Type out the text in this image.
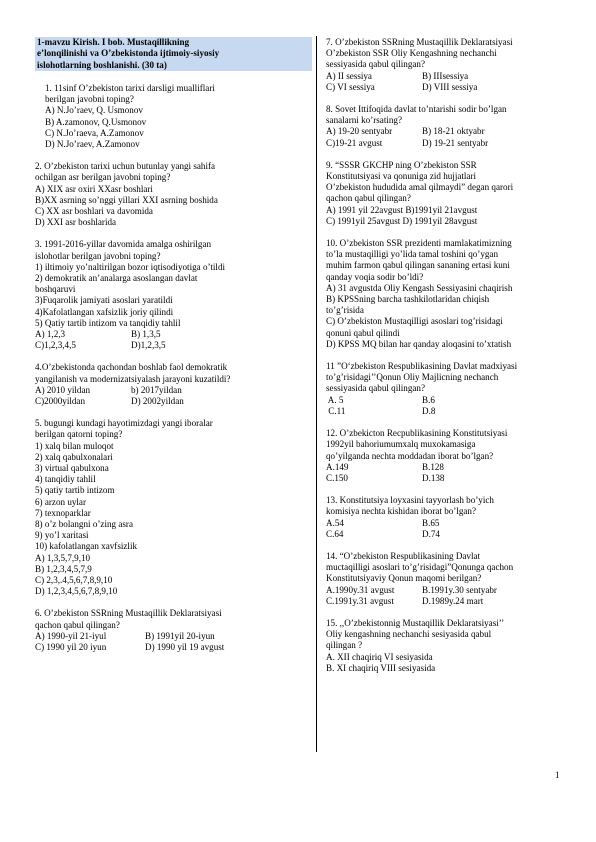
1-mavzu Kirish. I bob. Mustaqillikning
e’lonqilinishi va O’zbekistonda ijtimoiy-siyosiy
islohotlarning boshlanishi. (30 ta)
1. 11sinf O’zbekiston tarixi darsligi mualliflari
berilgan javobni toping?
A) N.Jo’raev, Q. Usmonov
B) A.zamonov, Q.Usmonov
C) N.Jo’raeva, A.Zamonov
D) N.Jo’raev, A.Zamonov
2. O’zbekiston tarixi uchun butunlay yangi sahifa
ochilgan asr berilgan javobni toping?
A) XIX asr oxiri XXasr boshlari
B)XX asrning so’nggi yillari XXI asrning boshida
C) XX asr boshlari va davomida
D) XXI asr boshlarida
3. 1991-2016-yillar davomida amalga oshirilgan
islohotlar berilgan javobni toping?
1) iltimoiy yo’naltirilgan bozor iqtisodiyotiga o’tildi
2) demokratik an’analarga asoslangan davlat
boshqaruvi
3)Fuqarolik jamiyati asoslari yaratildi
4)Kafolatlangan xafsizlik joriy qilindi
5) Qatiy tartib intizom va tanqidiy tahlil
A) 1,2,3	B) 1,3,5
C)1,2,3,4,5	D)1,2,3,5
4.O’zbekistonda qachondan boshlab faol demokratik
yangilanish va modernizatsiyalash jarayoni kuzatildi?
A) 2010 yildan	b) 2017yildan
C)2000yildan	D) 2002yildan
5. bugungi kundagi hayotimizdagi yangi iboralar
berilgan qatorni toping?
1) xalq bilan muloqot
2) xalq qabulxonalari
3) virtual qabulxona
4) tanqidiy tahlil
5) qatiy tartib intizom
6) arzon uylar
7) texnoparklar
8) o’z bolangni o’zing asra
9) yo’l xaritasi
10) kafolatlangan xavfsizlik
A) 1,3,5,7,9,10
B) 1,2,3,4,5,7,9
C) 2,3,.4,5,6,7,8,9,10
D) 1,2,3,4,5,6,7,8,9,10
6. O’zbekiston SSRning Mustaqillik Deklaratsiyasi
qachon qabul qilingan?
A) 1990-yil 21-iyul	B) 1991yil 20-iyun
C) 1990 yil 20 iyun	D) 1990 yil 19 avgust
7. O’zbekiston SSRning Mustaqillik Deklaratsiyasi
O’zbekiston SSR Oliy Kengashning nechanchi
sessiyasida qabul qilingan?
A) II sessiya	B) IIIsessiya
C) VI sessiya	D) VIII sessiya
8. Sovet Ittifoqida davlat to’ntarishi sodir bo’lgan
sanalarni ko’rsating?
A) 19-20 sentyabr	B) 18-21 oktyabr
C)19-21 avgust	D) 19-21 sentyabr
9. “SSSR GKCHP ning O’zbekiston SSR
Konstitutsiyasi va qonuniga zid hujjatlari
O’zbekiston hududida amal qilmaydi” degan qarori
qachon qabul qilingan?
A) 1991 yil 22avgust B)1991yil 21avgust
C) 1991yil 25avgust D) 1991yil 28avgust
10. O’zbekiston SSR prezidenti mamlakatimizning
to’la mustaqilligi yo’lida tamal toshini qo’ygan
muhim farmon qabul qilingan sananing ertasi kuni
qanday voqia sodir bo’ldi?
A) 31 avgustda Oliy Kengash Sessiyasini chaqirish
B) KPSSning barcha tashkilotlaridan chiqish
to’g’risida
C) O’zbekiston Mustaqilligi asoslari tog’risidagi
qonuni qabul qilindi
D) KPSS MQ bilan har qanday aloqasini to’xtatish
11 ”O‘zbekiston Respublikasining Davlat madxiyasi
to’g’risidagi’’Qonun Oliy Majlicning nechanch
sessiyasida qabul qilingan?
A. 5	B.6
C.11	D.8
12. O’zbekicton Recpublikasining Konstitutsiyasi
1992yil bahoriumumxalq muxokamasiga
qo’yilganda nechta moddadan iborat bo’lgan?
A.149	B.128
C.150	D.138
13. Konstitutsiya loyxasini tayyorlash bo’yich
komisiya nechta kishidan iborat bo’lgan?
A.54	B.65
C.64	D.74
14. “O’zbekiston Respublikasining Davlat
muctaqilligi asoslari to’g’risidagi”Qonunga qachon
Konstitutsiyaviy Qonun maqomi berilgan?
A.1990y.31 avgust	B.1991y.30 sentyabr
C.1991y.31 avgust	D.1989y.24 mart
15. ,,O’zbekistonnig Mustaqillik Deklaratsiyasi’’
Oliy kengashning nechanchi sesiyasida qabul
qilingan ?
A. XII chaqiriq VI sesiyasida
B. XI chaqiriq VIII sesiyasida
1
